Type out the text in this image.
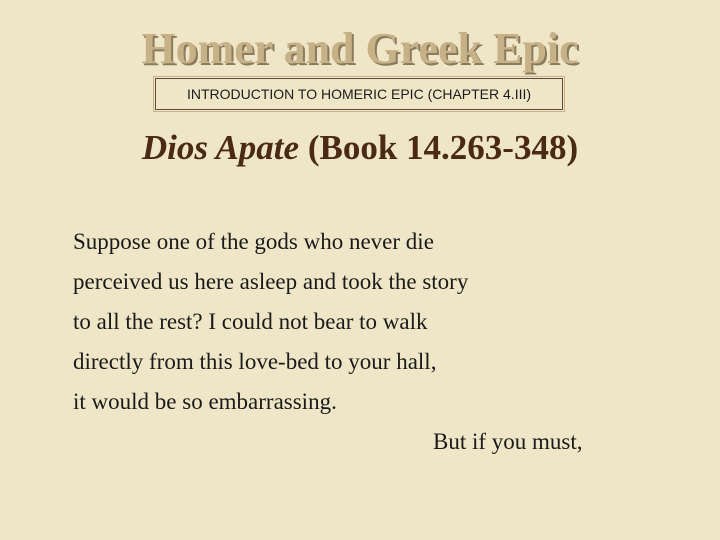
Homer and Greek Epic
INTRODUCTION TO HOMERIC EPIC (CHAPTER 4.III)
Dios Apate (Book 14.263-348)
Suppose one of the gods who never die
perceived us here asleep and took the story
to all the rest? I could not bear to walk
directly from this love-bed to your hall,
it would be so embarrassing.
But if you must,
